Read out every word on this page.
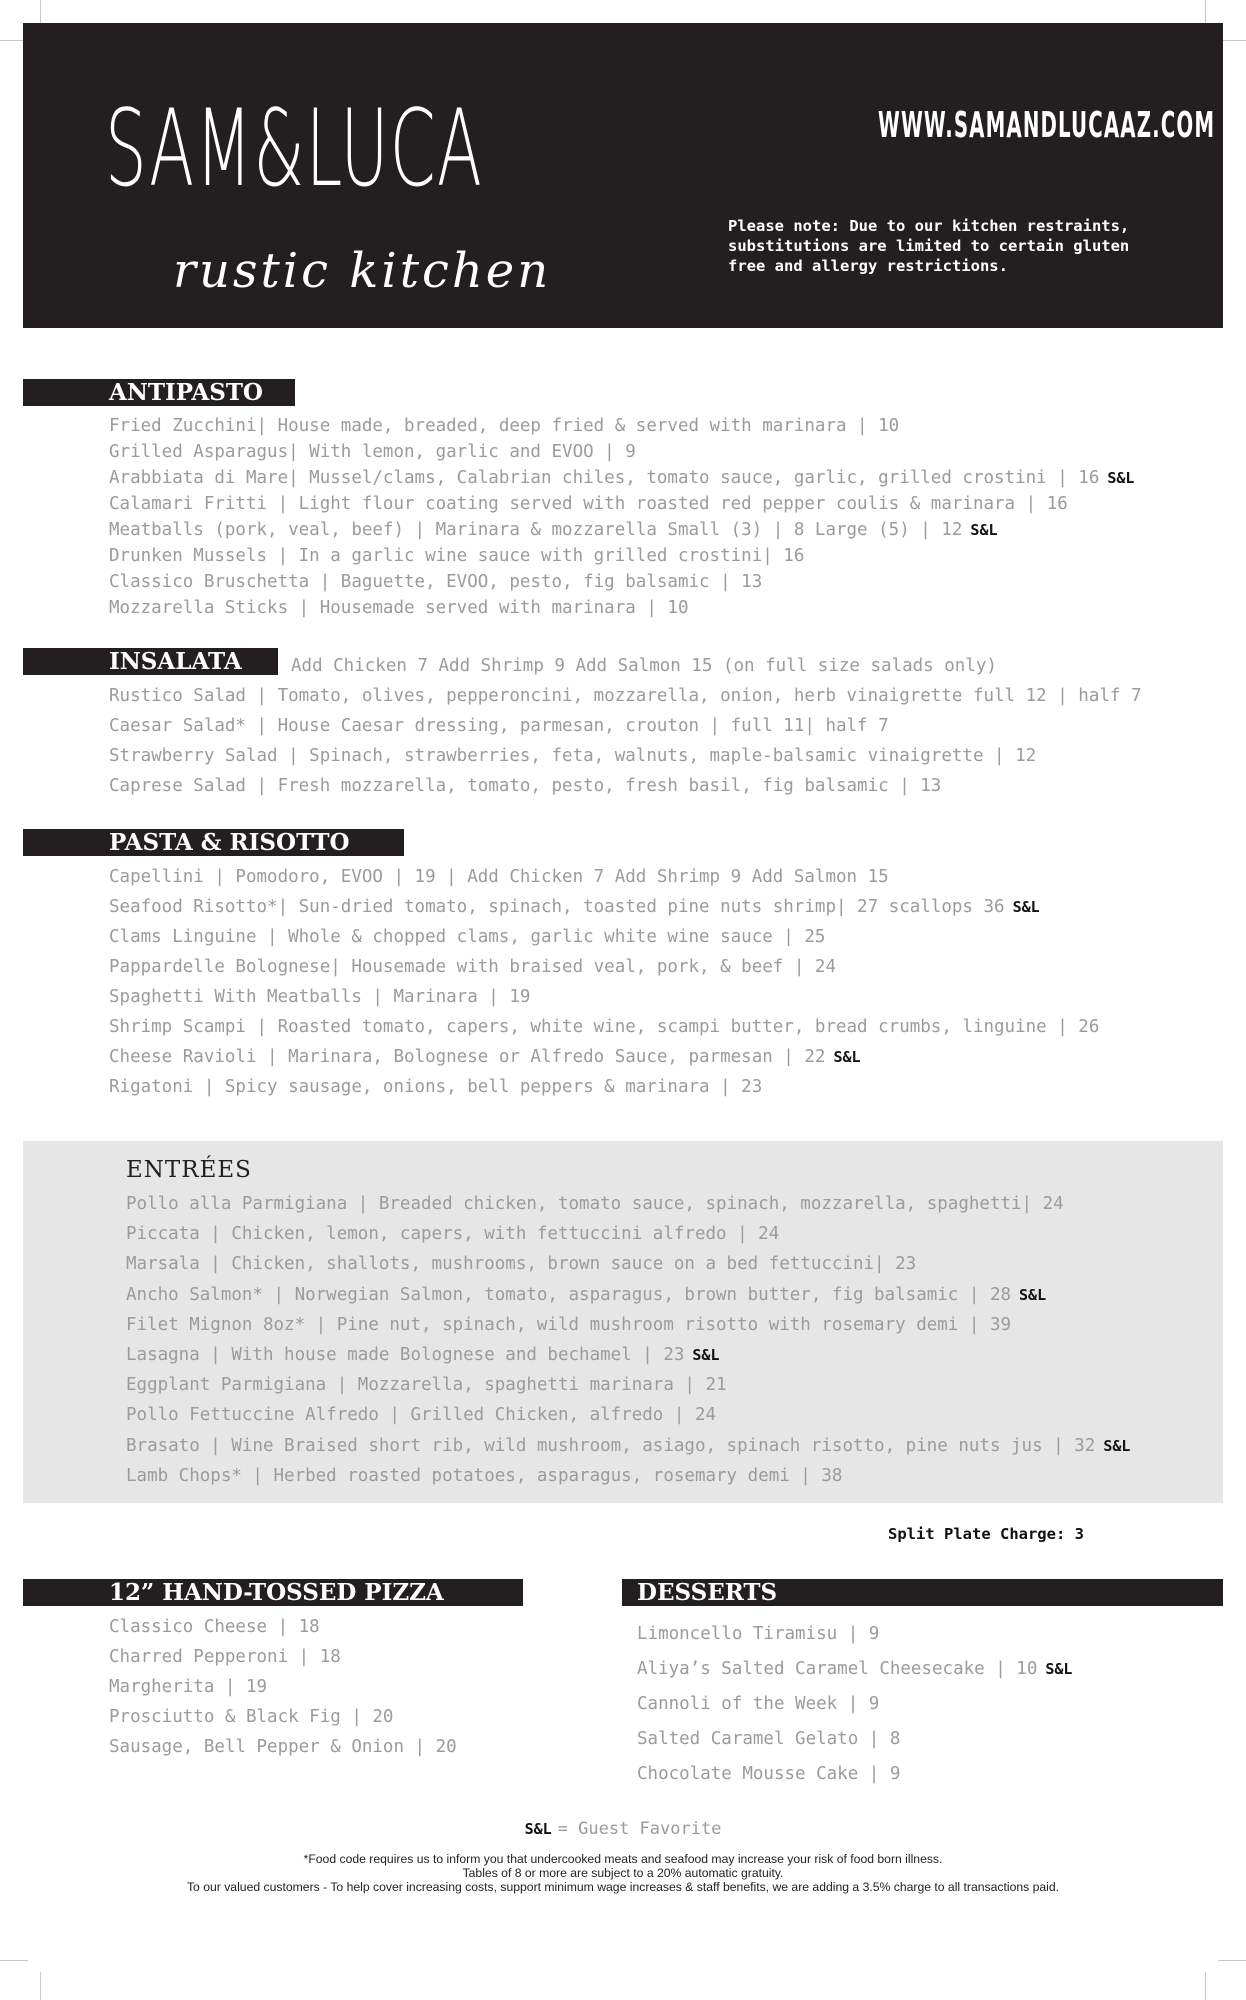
SAM&LUCA
rustic kitchen
WWW.SAMANDLUCAAZ.COM
Please note: Due to our kitchen restraints, substitutions are limited to certain gluten free and allergy restrictions.
ANTIPASTO
Fried Zucchini| House made, breaded, deep fried & served with marinara | 10
Grilled Asparagus| With lemon, garlic and EVOO | 9
Arabbiata di Mare| Mussel/clams, Calabrian chiles, tomato sauce, garlic, grilled crostini | 16 S&L
Calamari Fritti | Light flour coating served with roasted red pepper coulis & marinara | 16
Meatballs (pork, veal, beef) | Marinara & mozzarella Small (3) | 8 Large (5) | 12 S&L
Drunken Mussels | In a garlic wine sauce with grilled crostini| 16
Classico Bruschetta | Baguette, EVOO, pesto, fig balsamic | 13
Mozzarella Sticks | Housemade served with marinara | 10
INSALATA	Add Chicken 7 Add Shrimp 9 Add Salmon 15 (on full size salads only)
Rustico Salad | Tomato, olives, pepperoncini, mozzarella, onion, herb vinaigrette full 12 | half 7
Caesar Salad* | House Caesar dressing, parmesan, crouton | full 11| half 7
Strawberry Salad | Spinach, strawberries, feta, walnuts, maple-balsamic vinaigrette | 12
Caprese Salad | Fresh mozzarella, tomato, pesto, fresh basil, fig balsamic | 13
PASTA & RISOTTO
Capellini | Pomodoro, EVOO | 19 | Add Chicken 7 Add Shrimp 9 Add Salmon 15
Seafood Risotto*| Sun-dried tomato, spinach, toasted pine nuts shrimp| 27 scallops 36 S&L
Clams Linguine | Whole & chopped clams, garlic white wine sauce | 25
Pappardelle Bolognese| Housemade with braised veal, pork, & beef | 24
Spaghetti With Meatballs | Marinara | 19
Shrimp Scampi | Roasted tomato, capers, white wine, scampi butter, bread crumbs, linguine | 26
Cheese Ravioli | Marinara, Bolognese or Alfredo Sauce, parmesan | 22 S&L
Rigatoni | Spicy sausage, onions, bell peppers & marinara | 23
ENTRÉES
Pollo alla Parmigiana | Breaded chicken, tomato sauce, spinach, mozzarella, spaghetti| 24
Piccata | Chicken, lemon, capers, with fettuccini alfredo | 24
Marsala | Chicken, shallots, mushrooms, brown sauce on a bed fettuccini| 23
Ancho Salmon* | Norwegian Salmon, tomato, asparagus, brown butter, fig balsamic | 28 S&L
Filet Mignon 8oz* | Pine nut, spinach, wild mushroom risotto with rosemary demi | 39
Lasagna | With house made Bolognese and bechamel | 23 S&L
Eggplant Parmigiana | Mozzarella, spaghetti marinara | 21
Pollo Fettuccine Alfredo | Grilled Chicken, alfredo | 24
Brasato | Wine Braised short rib, wild mushroom, asiago, spinach risotto, pine nuts jus | 32 S&L
Lamb Chops* | Herbed roasted potatoes, asparagus, rosemary demi | 38
Split Plate Charge: 3
12” HAND-TOSSED PIZZA
Classico Cheese | 18
Charred Pepperoni | 18
Margherita | 19
Prosciutto & Black Fig | 20
Sausage, Bell Pepper & Onion | 20
DESSERTS
Limoncello Tiramisu | 9
Aliya’s Salted Caramel Cheesecake | 10 S&L
Cannoli of the Week | 9
Salted Caramel Gelato | 8
Chocolate Mousse Cake | 9
S&L = Guest Favorite
*Food code requires us to inform you that undercooked meats and seafood may increase your risk of food born illness.
Tables of 8 or more are subject to a 20% automatic gratuity.
To our valued customers - To help cover increasing costs, support minimum wage increases & staff benefits, we are adding a 3.5% charge to all transactions paid.
